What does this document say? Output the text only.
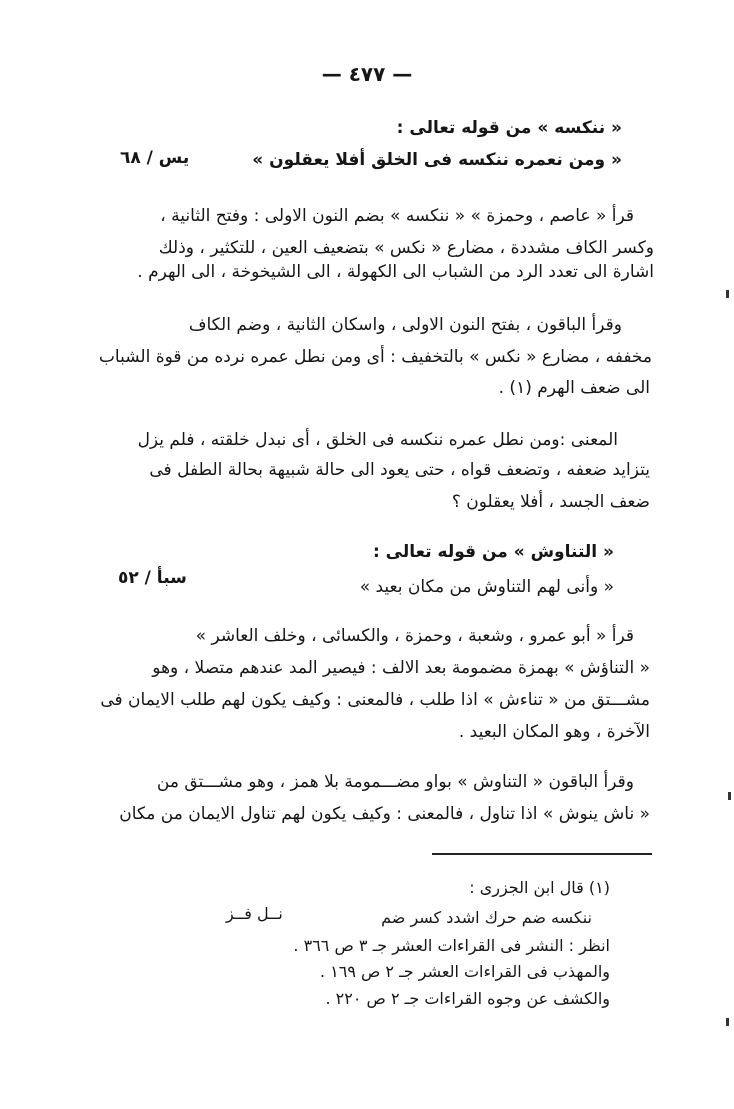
— ٤٧٧ —
« ننكسه » من قوله تعالى :
« ومن نعمره ننكسه فى الخلق أفلا يعقلون »
يس / ٦٨
قرأ « عاصم ، وحمزة » « ننكسه » بضم النون الاولى : وفتح الثانية ،
وكسر الكاف مشددة ، مضارع « نكس » بتضعيف العين ، للتكثير ، وذلك
اشارة الى تعدد الرد من الشباب الى الكهولة ، الى الشيخوخة ، الى الهرم .
وقرأ الباقون ، بفتح النون الاولى ، واسكان الثانية ، وضم الكاف
مخففه ، مضارع « نكس » بالتخفيف : أى ومن نطل عمره نرده من قوة الشباب
الى ضعف الهرم (١) .
المعنى :ومن نطل عمره ننكسه فى الخلق ، أى نبدل خلقته ، فلم يزل
يتزايد ضعفه ، وتضعف قواه ، حتى يعود الى حالة شبيهة بحالة الطفل فى
ضعف الجسد ، أفلا يعقلون ؟
« التناوش » من قوله تعالى :
« وأنى لهم التناوش من مكان بعيد »
سبأ / ٥٢
قرأ « أبو عمرو ، وشعبة ، وحمزة ، والكسائى ، وخلف العاشر »
« التناؤش » بهمزة مضمومة بعد الالف : فيصير المد عندهم متصلا ، وهو
مشـــتق من « تناءش » اذا طلب ، فالمعنى : وكيف يكون لهم طلب الايمان فى
الآخرة ، وهو المكان البعيد .
وقرأ الباقون « التناوش » بواو مضـــمومة بلا همز ، وهو مشـــتق من
« ناش ينوش » اذا تناول ، فالمعنى : وكيف يكون لهم تناول الايمان من مكان
(١) قال ابن الجزرى :
ننكسه ضم حرك اشدد كسر ضم
نــل فــز
انظر : النشر فى القراءات العشر جـ ٣ ص ٣٦٦ .
والمهذب فى القراءات العشر جـ ٢ ص ١٦٩ .
والكشف عن وجوه القراءات جـ ٢ ص ٢٢٠ .
